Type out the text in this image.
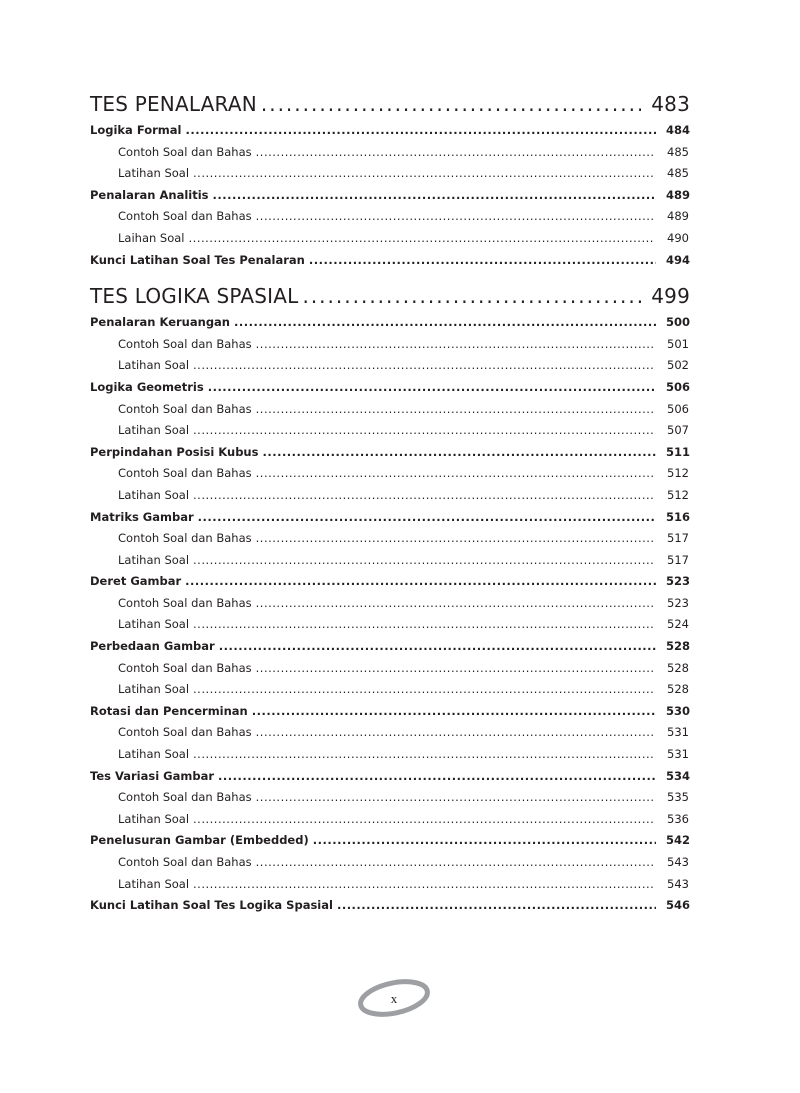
TES PENALARAN .....	483
Logika Formal .....	484
Contoh Soal dan Bahas .....	485
Latihan Soal .....	485
Penalaran Analitis .....	489
Contoh Soal dan Bahas .....	489
Laihan Soal .....	490
Kunci Latihan Soal Tes Penalaran .....	494
TES LOGIKA SPASIAL .....	499
Penalaran Keruangan .....	500
Contoh Soal dan Bahas .....	501
Latihan Soal .....	502
Logika Geometris .....	506
Contoh Soal dan Bahas .....	506
Latihan Soal .....	507
Perpindahan Posisi Kubus .....	511
Contoh Soal dan Bahas .....	512
Latihan Soal .....	512
Matriks Gambar .....	516
Contoh Soal dan Bahas .....	517
Latihan Soal .....	517
Deret Gambar .....	523
Contoh Soal dan Bahas .....	523
Latihan Soal .....	524
Perbedaan Gambar .....	528
Contoh Soal dan Bahas .....	528
Latihan Soal .....	528
Rotasi dan Pencerminan .....	530
Contoh Soal dan Bahas .....	531
Latihan Soal .....	531
Tes Variasi Gambar .....	534
Contoh Soal dan Bahas .....	535
Latihan Soal .....	536
Penelusuran Gambar (Embedded) .....	542
Contoh Soal dan Bahas .....	543
Latihan Soal .....	543
Kunci Latihan Soal Tes Logika Spasial .....	546
x
